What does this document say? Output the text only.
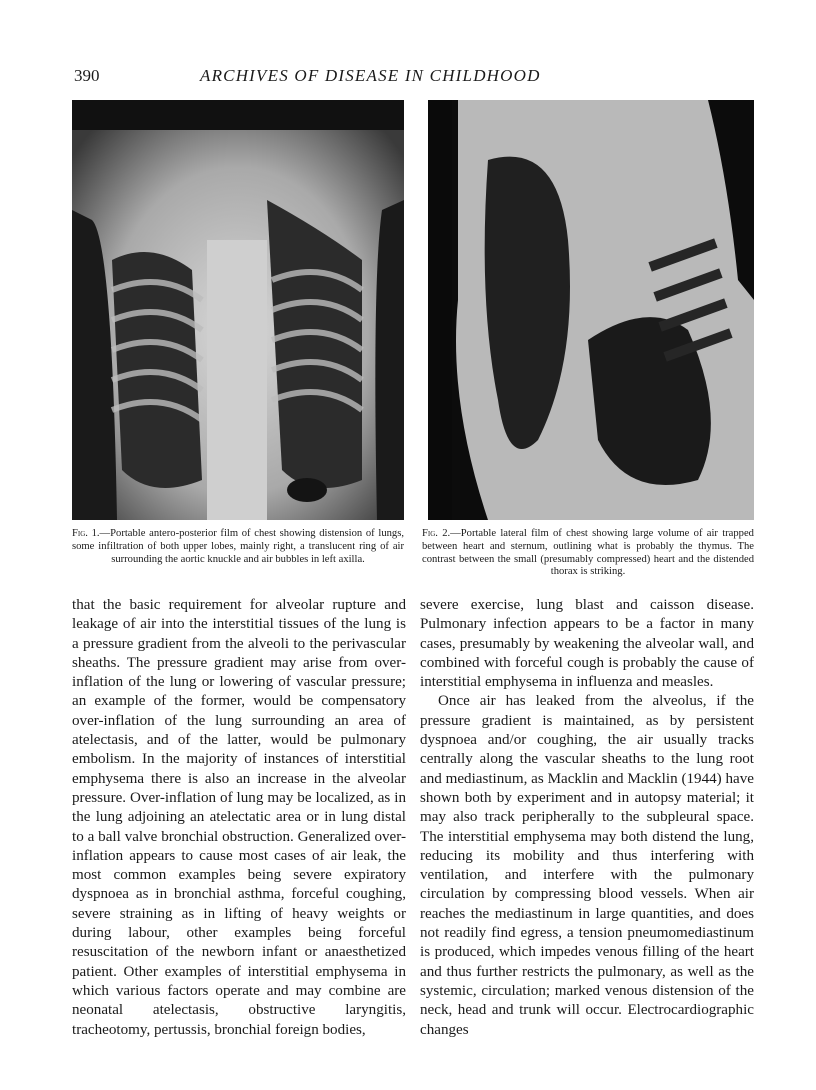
390	ARCHIVES OF DISEASE IN CHILDHOOD
Fig. 1.—Portable antero-posterior film of chest showing distension of lungs, some infiltration of both upper lobes, mainly right, a translucent ring of air surrounding the aortic knuckle and air bubbles in left axilla.
Fig. 2.—Portable lateral film of chest showing large volume of air trapped between heart and sternum, outlining what is probably the thymus. The contrast between the small (presumably compressed) heart and the distended thorax is striking.

that the basic requirement for alveolar rupture and leakage of air into the interstitial tissues of the lung is a pressure gradient from the alveoli to the perivascular sheaths. The pressure gradient may arise from over-inflation of the lung or lowering of vascular pressure; an example of the former, would be compensatory over-inflation of the lung surrounding an area of atelectasis, and of the latter, would be pulmonary embolism. In the majority of instances of interstitial emphysema there is also an increase in the alveolar pressure. Over-inflation of lung may be localized, as in the lung adjoining an atelectatic area or in lung distal to a ball valve bronchial obstruction. Generalized over-inflation appears to cause most cases of air leak, the most common examples being severe expiratory dyspnoea as in bronchial asthma, forceful coughing, severe straining as in lifting of heavy weights or during labour, other examples being forceful resuscitation of the newborn infant or anaesthetized patient. Other examples of interstitial emphysema in which various factors operate and may combine are neonatal atelectasis, obstructive laryngitis, tracheotomy, pertussis, bronchial foreign bodies,

severe exercise, lung blast and caisson disease. Pulmonary infection appears to be a factor in many cases, presumably by weakening the alveolar wall, and combined with forceful cough is probably the cause of interstitial emphysema in influenza and measles.

Once air has leaked from the alveolus, if the pressure gradient is maintained, as by persistent dyspnoea and/or coughing, the air usually tracks centrally along the vascular sheaths to the lung root and mediastinum, as Macklin and Macklin (1944) have shown both by experiment and in autopsy material; it may also track peripherally to the subpleural space. The interstitial emphysema may both distend the lung, reducing its mobility and thus interfering with ventilation, and interfere with the pulmonary circulation by compressing blood vessels. When air reaches the mediastinum in large quantities, and does not readily find egress, a tension pneumomediastinum is produced, which impedes venous filling of the heart and thus further restricts the pulmonary, as well as the systemic, circulation; marked venous distension of the neck, head and trunk will occur. Electrocardiographic changes
